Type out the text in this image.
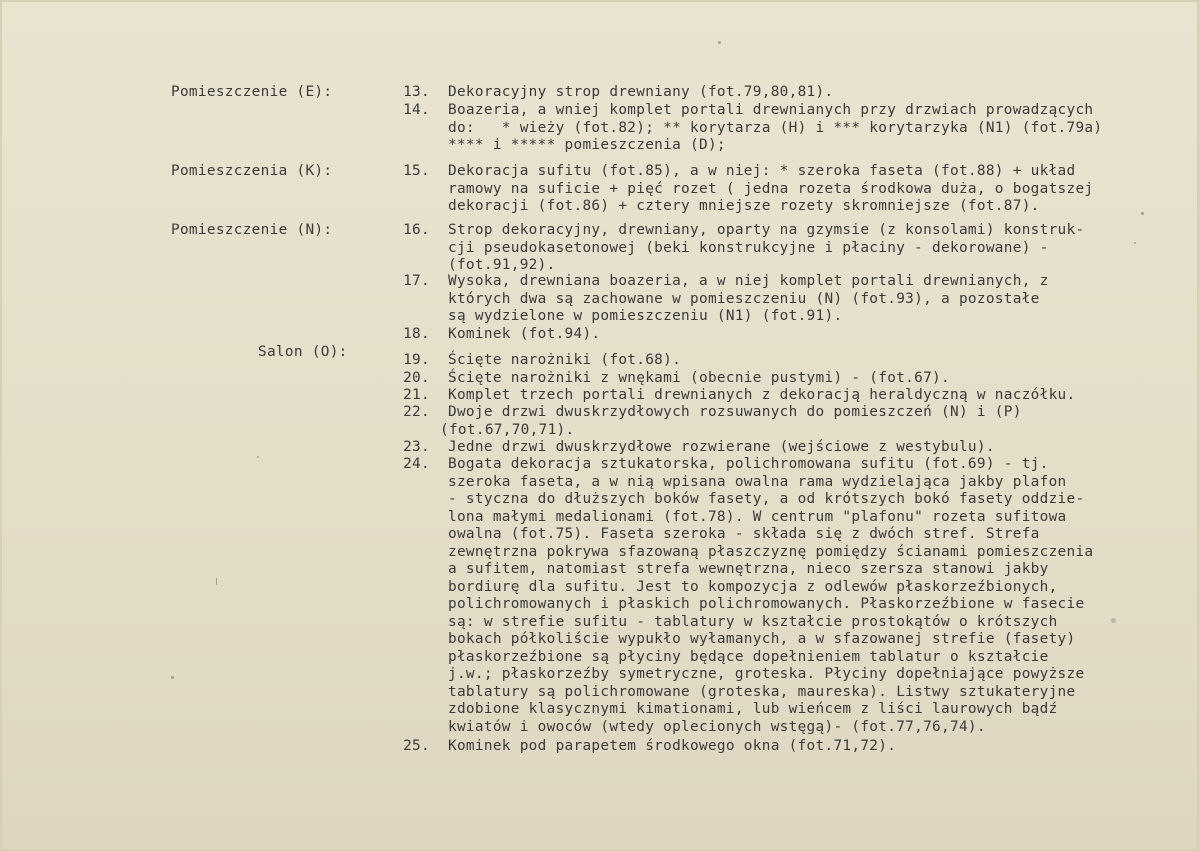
Pomieszczenie (E):
Pomieszczenia (K):
Pomieszczenie (N):
Salon (O):
13. Dekoracyjny strop drewniany (fot.79,80,81).
14. Boazeria, a wniej komplet portali drewnianych przy drzwiach prowadzących
do:   * wieży (fot.82); ** korytarza (H) i *** korytarzyka (N1) (fot.79a)
**** i ***** pomieszczenia (D);
15. Dekoracja sufitu (fot.85), a w niej: * szeroka faseta (fot.88) + układ
ramowy na suficie + pięć rozet ( jedna rozeta środkowa duża, o bogatszej
dekoracji (fot.86) + cztery mniejsze rozety skromniejsze (fot.87).
16. Strop dekoracyjny, drewniany, oparty na gzymsie (z konsolami) konstruk-
cji pseudokasetonowej (beki konstrukcyjne i płaciny - dekorowane) -
(fot.91,92).
17. Wysoka, drewniana boazeria, a w niej komplet portali drewnianych, z
których dwa są zachowane w pomieszczeniu (N) (fot.93), a pozostałe
są wydzielone w pomieszczeniu (N1) (fot.91).
18. Kominek (fot.94).
19. Ścięte narożniki (fot.68).
20. Ścięte narożniki z wnękami (obecnie pustymi) - (fot.67).
21. Komplet trzech portali drewnianych z dekoracją heraldyczną w naczółku.
22. Dwoje drzwi dwuskrzydłowych rozsuwanych do pomieszczeń (N) i (P)
(fot.67,70,71).
23. Jedne drzwi dwuskrzydłowe rozwierane (wejściowe z westybulu).
24. Bogata dekoracja sztukatorska, polichromowana sufitu (fot.69) - tj.
szeroka faseta, a w nią wpisana owalna rama wydzielająca jakby plafon
- styczna do dłuższych boków fasety, a od krótszych bokó fasety oddzie-
lona małymi medalionami (fot.78). W centrum "plafonu" rozeta sufitowa
owalna (fot.75). Faseta szeroka - składa się z dwóch stref. Strefa
zewnętrzna pokrywa sfazowaną płaszczyznę pomiędzy ścianami pomieszczenia
a sufitem, natomiast strefa wewnętrzna, nieco szersza stanowi jakby
bordiurę dla sufitu. Jest to kompozycja z odlewów płaskorzeźbionych,
polichromowanych i płaskich polichromowanych. Płaskorzeźbione w fasecie
są: w strefie sufitu - tablatury w kształcie prostokątów o krótszych
bokach półkoliście wypukło wyłamanych, a w sfazowanej strefie (fasety)
płaskorzeźbione są płyciny będące dopełnieniem tablatur o kształcie
j.w.; płaskorzeźby symetryczne, groteska. Płyciny dopełniające powyższe
tablatury są polichromowane (groteska, maureska). Listwy sztukateryjne
zdobione klasycznymi kimationami, lub wieńcem z liści laurowych bądź
kwiatów i owoców (wtedy oplecionych wstęgą)- (fot.77,76,74).
25. Kominek pod parapetem środkowego okna (fot.71,72).
